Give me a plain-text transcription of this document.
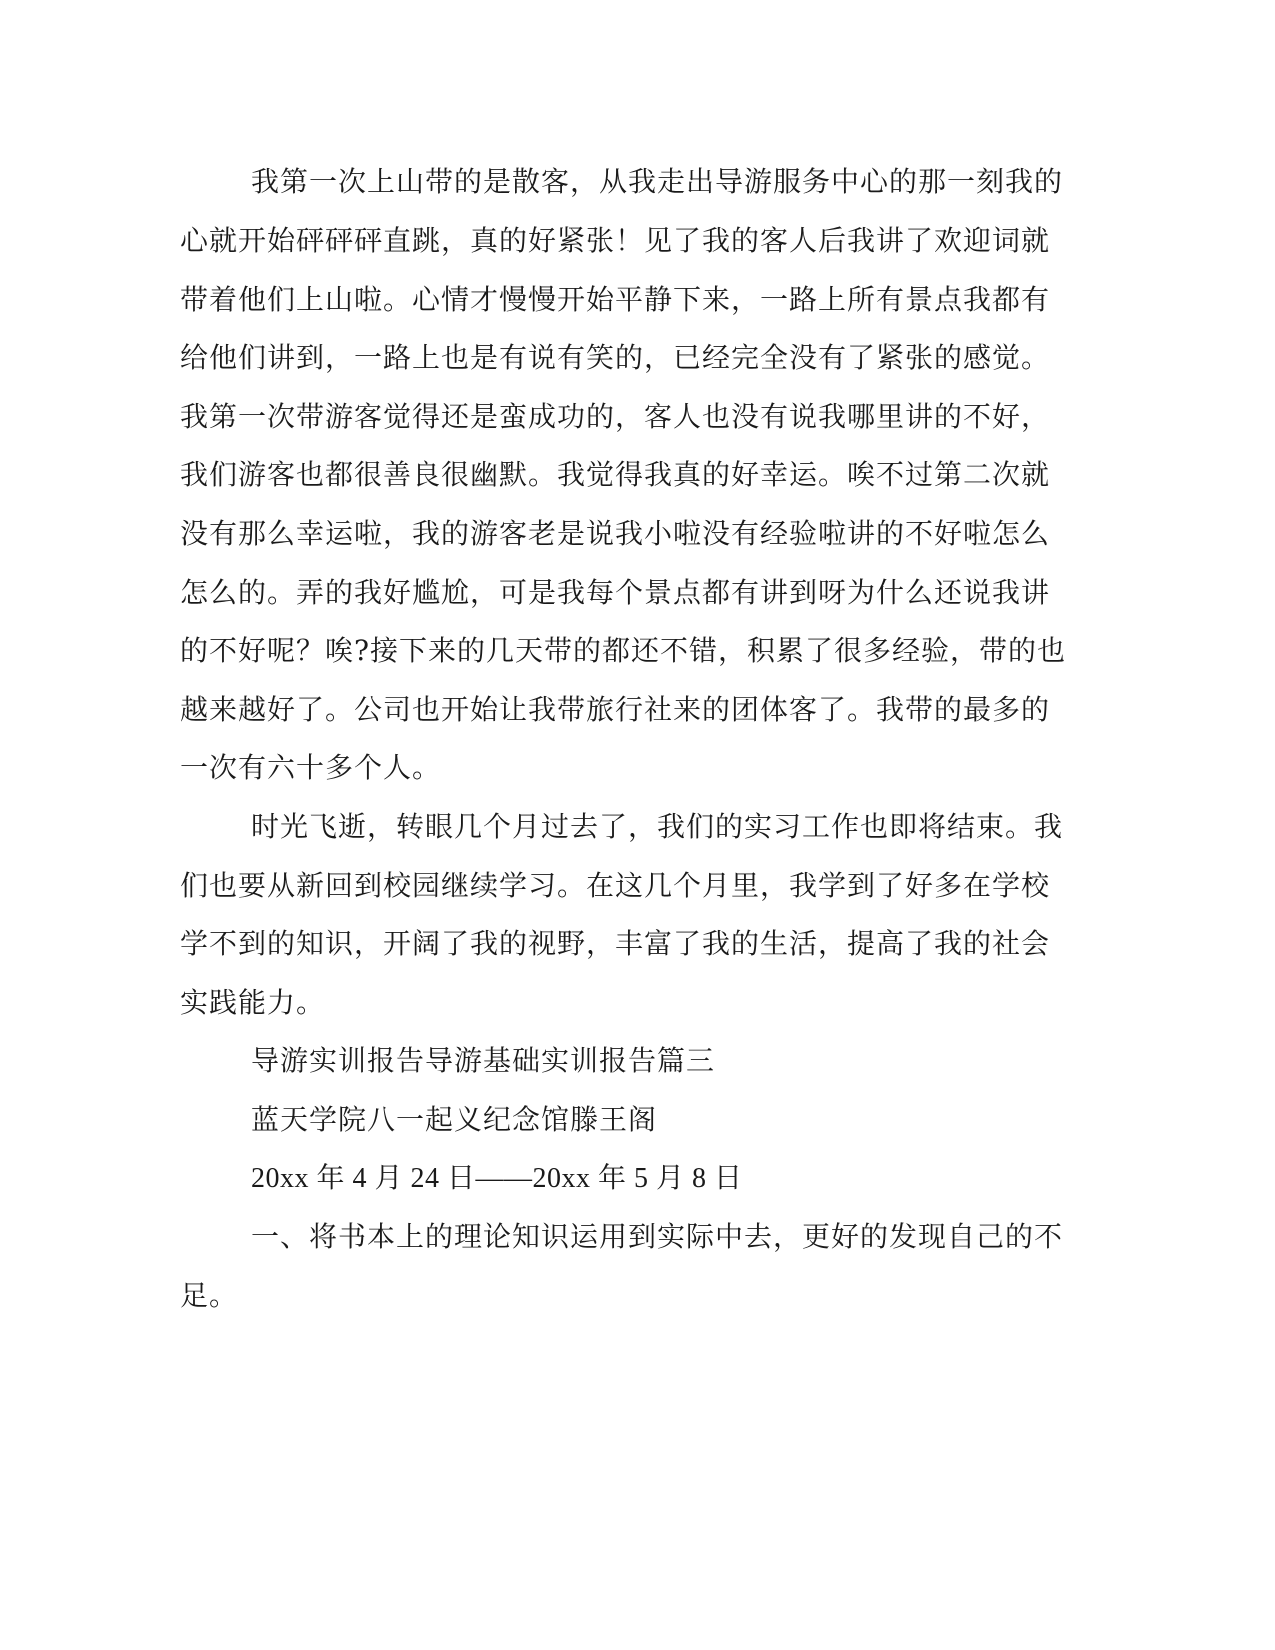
我第一次上山带的是散客，从我走出导游服务中心的那一刻我的

心就开始砰砰砰直跳，真的好紧张！见了我的客人后我讲了欢迎词就

带着他们上山啦。心情才慢慢开始平静下来，一路上所有景点我都有

给他们讲到，一路上也是有说有笑的，已经完全没有了紧张的感觉。

我第一次带游客觉得还是蛮成功的，客人也没有说我哪里讲的不好，

我们游客也都很善良很幽默。我觉得我真的好幸运。唉不过第二次就

没有那么幸运啦，我的游客老是说我小啦没有经验啦讲的不好啦怎么

怎么的。弄的我好尴尬，可是我每个景点都有讲到呀为什么还说我讲

的不好呢？唉?接下来的几天带的都还不错，积累了很多经验，带的也

越来越好了。公司也开始让我带旅行社来的团体客了。我带的最多的

一次有六十多个人。

时光飞逝，转眼几个月过去了，我们的实习工作也即将结束。我

们也要从新回到校园继续学习。在这几个月里，我学到了好多在学校

学不到的知识，开阔了我的视野，丰富了我的生活，提高了我的社会

实践能力。

导游实训报告导游基础实训报告篇三

蓝天学院八一起义纪念馆滕王阁

20xx 年 4 月 24 日——20xx 年 5 月 8 日

一、将书本上的理论知识运用到实际中去，更好的发现自己的不

足。
